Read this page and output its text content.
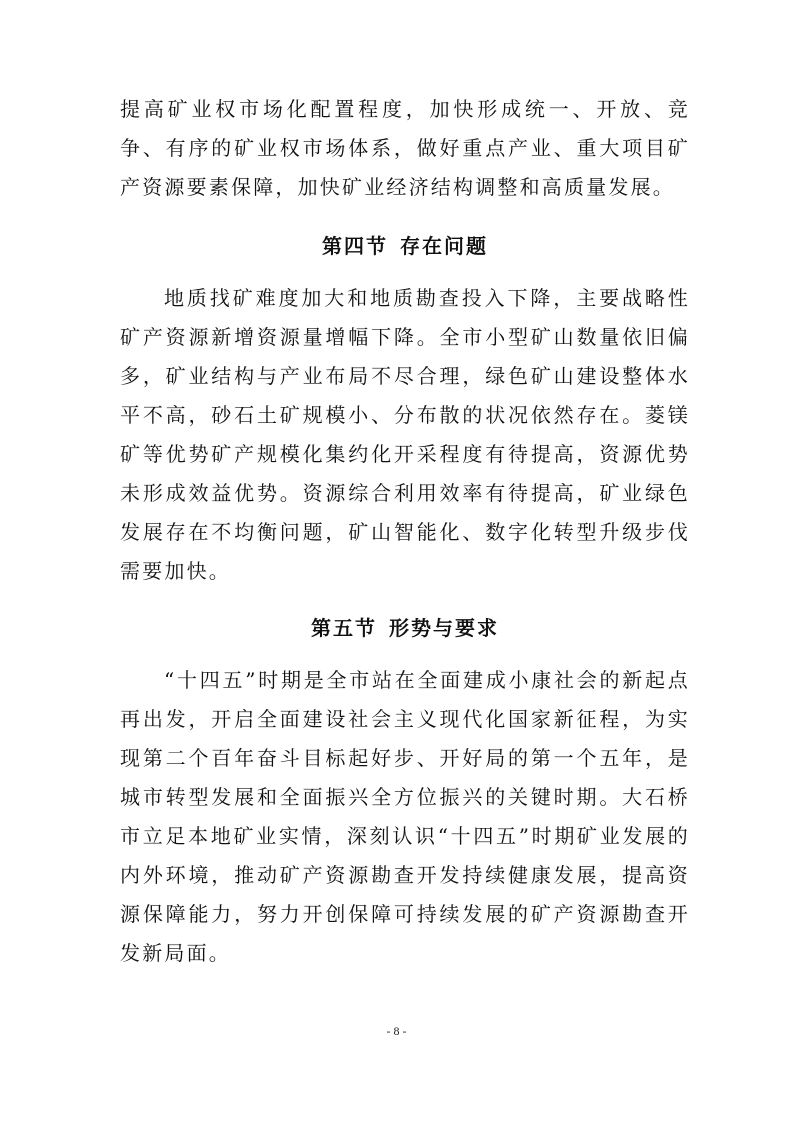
提高矿业权市场化配置程度，加快形成统一、开放、竞争、有序的矿业权市场体系，做好重点产业、重大项目矿产资源要素保障，加快矿业经济结构调整和高质量发展。

第四节 存在问题

地质找矿难度加大和地质勘查投入下降，主要战略性矿产资源新增资源量增幅下降。全市小型矿山数量依旧偏多，矿业结构与产业布局不尽合理，绿色矿山建设整体水平不高，砂石土矿规模小、分布散的状况依然存在。菱镁矿等优势矿产规模化集约化开采程度有待提高，资源优势未形成效益优势。资源综合利用效率有待提高，矿业绿色发展存在不均衡问题，矿山智能化、数字化转型升级步伐需要加快。

第五节 形势与要求

“十四五”时期是全市站在全面建成小康社会的新起点再出发，开启全面建设社会主义现代化国家新征程，为实现第二个百年奋斗目标起好步、开好局的第一个五年，是城市转型发展和全面振兴全方位振兴的关键时期。大石桥市立足本地矿业实情，深刻认识“十四五”时期矿业发展的内外环境，推动矿产资源勘查开发持续健康发展，提高资源保障能力，努力开创保障可持续发展的矿产资源勘查开发新局面。

- 8 -
